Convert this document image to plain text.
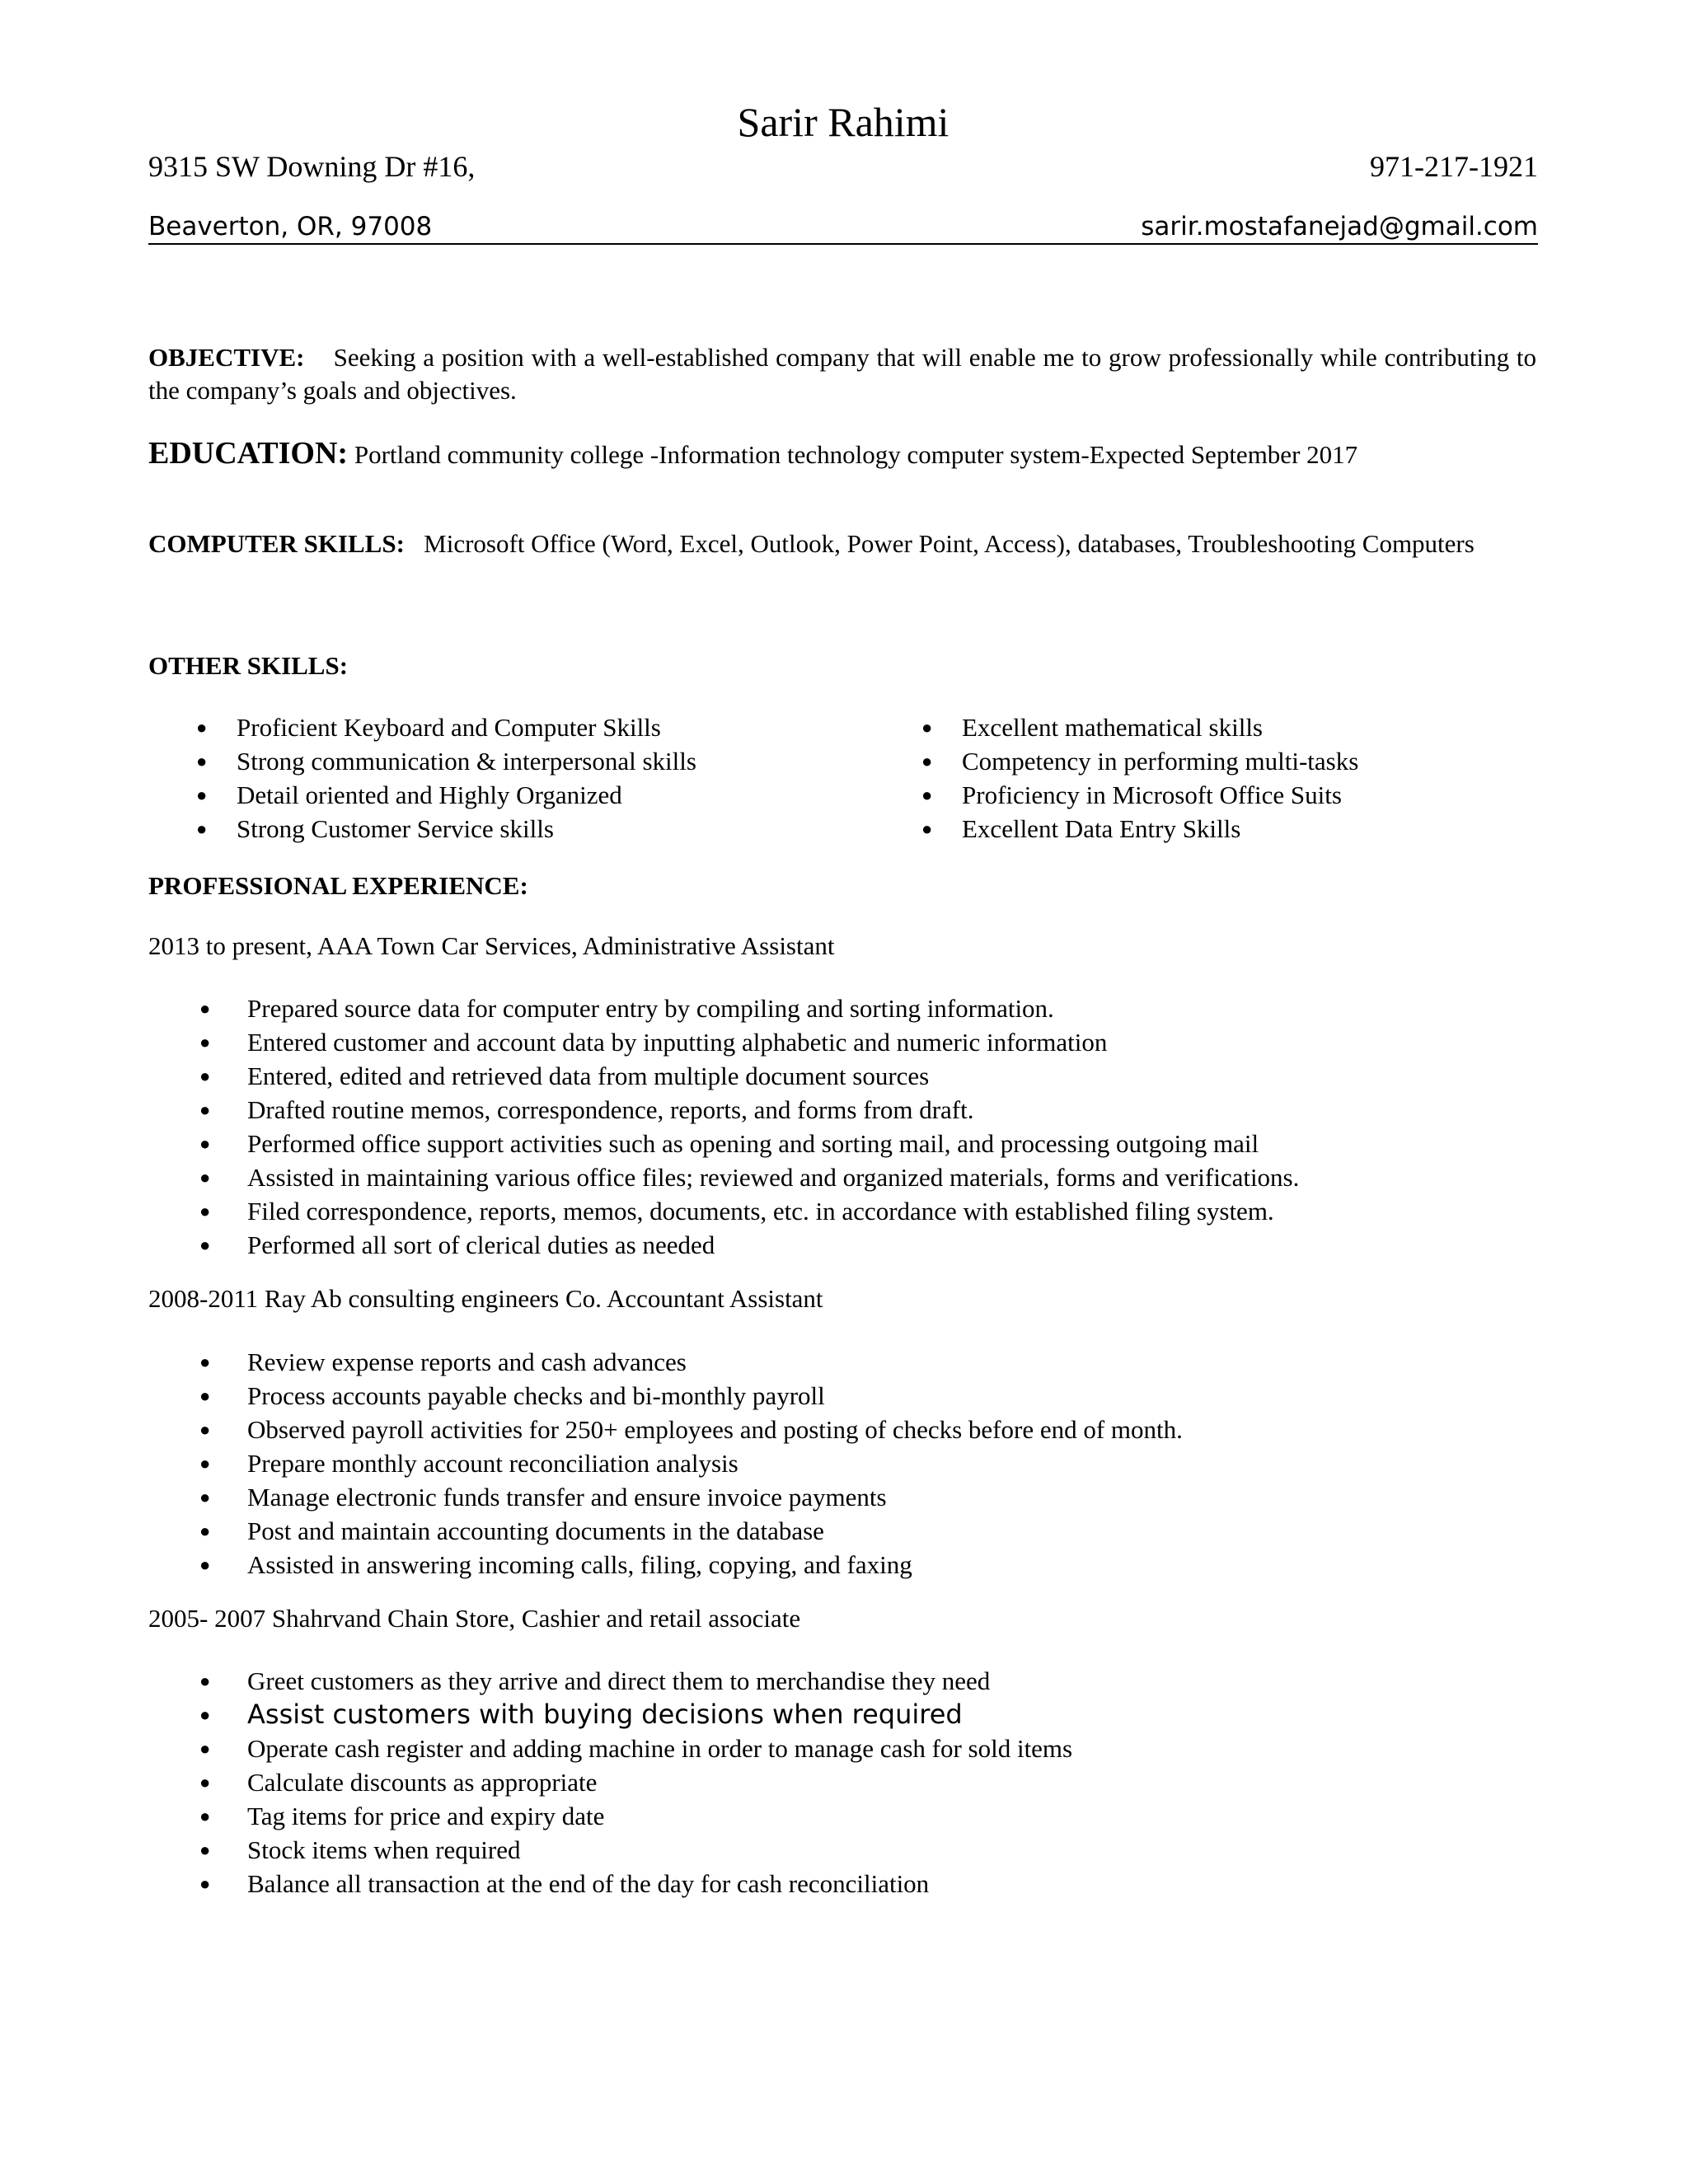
Sarir Rahimi
9315 SW Downing Dr #16,	971-217-1921
Beaverton, OR, 97008	sarir.mostafanejad@gmail.com
OBJECTIVE: Seeking a position with a well-established company that will enable me to grow professionally while contributing to the company’s goals and objectives.
EDUCATION: Portland community college -Information technology computer system-Expected September 2017
COMPUTER SKILLS: Microsoft Office (Word, Excel, Outlook, Power Point, Access), databases, Troubleshooting Computers
OTHER SKILLS:
● Proficient Keyboard and Computer Skills
● Strong communication & interpersonal skills
● Detail oriented and Highly Organized
● Strong Customer Service skills
● Excellent mathematical skills
● Competency in performing multi-tasks
● Proficiency in Microsoft Office Suits
● Excellent Data Entry Skills
PROFESSIONAL EXPERIENCE:
2013 to present, AAA Town Car Services, Administrative Assistant
● Prepared source data for computer entry by compiling and sorting information.
● Entered customer and account data by inputting alphabetic and numeric information
● Entered, edited and retrieved data from multiple document sources
● Drafted routine memos, correspondence, reports, and forms from draft.
● Performed office support activities such as opening and sorting mail, and processing outgoing mail
● Assisted in maintaining various office files; reviewed and organized materials, forms and verifications.
● Filed correspondence, reports, memos, documents, etc. in accordance with established filing system.
● Performed all sort of clerical duties as needed
2008-2011 Ray Ab consulting engineers Co. Accountant Assistant
● Review expense reports and cash advances
● Process accounts payable checks and bi-monthly payroll
● Observed payroll activities for 250+ employees and posting of checks before end of month.
● Prepare monthly account reconciliation analysis
● Manage electronic funds transfer and ensure invoice payments
● Post and maintain accounting documents in the database
● Assisted in answering incoming calls, filing, copying, and faxing
2005- 2007 Shahrvand Chain Store, Cashier and retail associate
● Greet customers as they arrive and direct them to merchandise they need
● Assist customers with buying decisions when required
● Operate cash register and adding machine in order to manage cash for sold items
● Calculate discounts as appropriate
● Tag items for price and expiry date
● Stock items when required
● Balance all transaction at the end of the day for cash reconciliation
